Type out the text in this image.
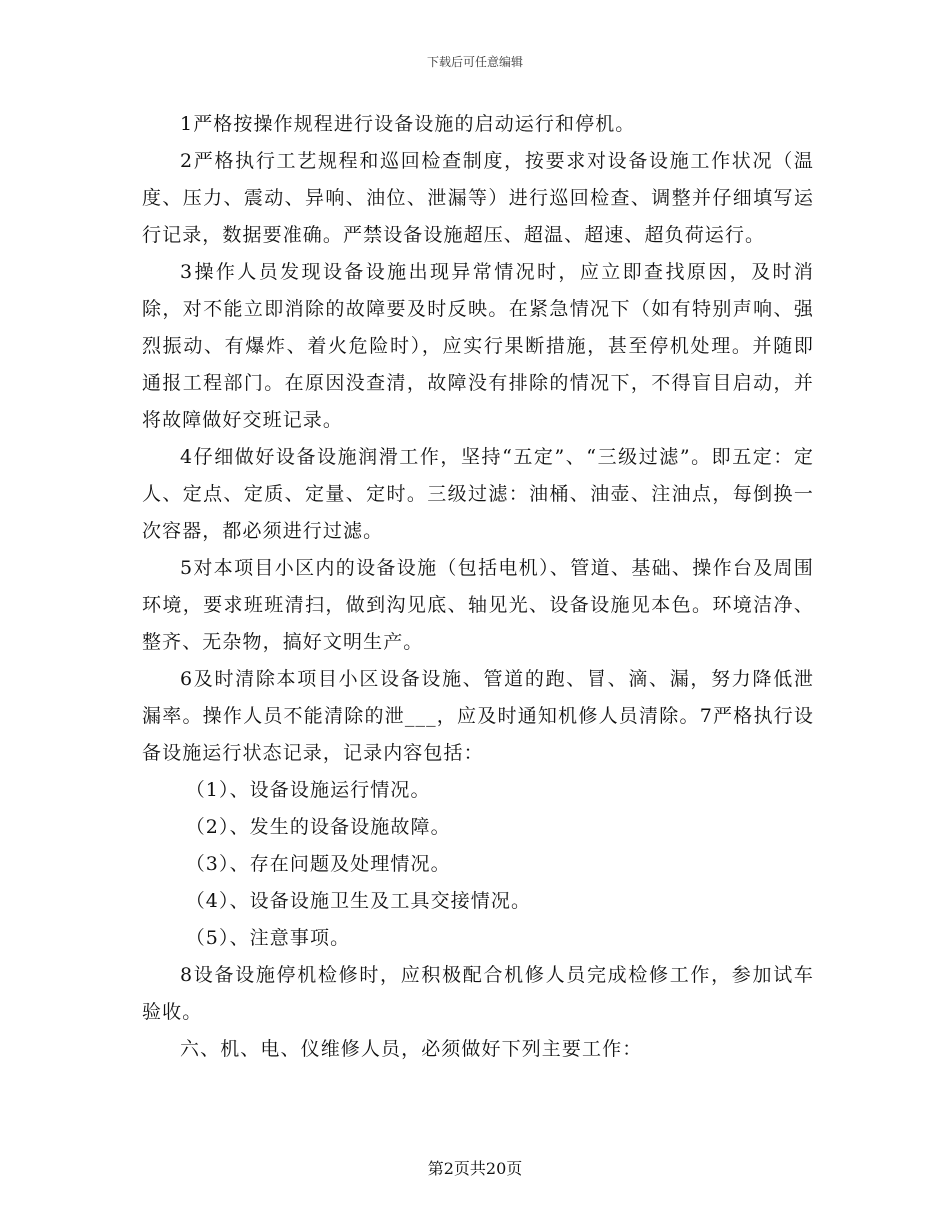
下载后可任意编辑

1严格按操作规程进行设备设施的启动运行和停机。

2严格执行工艺规程和巡回检查制度，按要求对设备设施工作状况（温度、压力、震动、异响、油位、泄漏等）进行巡回检查、调整并仔细填写运行记录，数据要准确。严禁设备设施超压、超温、超速、超负荷运行。

3操作人员发现设备设施出现异常情况时，应立即查找原因，及时消除，对不能立即消除的故障要及时反映。在紧急情况下（如有特别声响、强烈振动、有爆炸、着火危险时），应实行果断措施，甚至停机处理。并随即通报工程部门。在原因没查清，故障没有排除的情况下，不得盲目启动，并将故障做好交班记录。

4仔细做好设备设施润滑工作，坚持“五定”、“三级过滤”。即五定：定人、定点、定质、定量、定时。三级过滤：油桶、油壶、注油点，每倒换一次容器，都必须进行过滤。

5对本项目小区内的设备设施（包括电机）、管道、基础、操作台及周围环境，要求班班清扫，做到沟见底、轴见光、设备设施见本色。环境洁净、整齐、无杂物，搞好文明生产。

6及时清除本项目小区设备设施、管道的跑、冒、滴、漏，努力降低泄漏率。操作人员不能清除的泄___，应及时通知机修人员清除。7严格执行设备设施运行状态记录，记录内容包括：

（1）、设备设施运行情况。

（2）、发生的设备设施故障。

（3）、存在问题及处理情况。

（4）、设备设施卫生及工具交接情况。

（5）、注意事项。

8设备设施停机检修时，应积极配合机修人员完成检修工作，参加试车验收。

六、机、电、仪维修人员，必须做好下列主要工作：

第2页共20页
